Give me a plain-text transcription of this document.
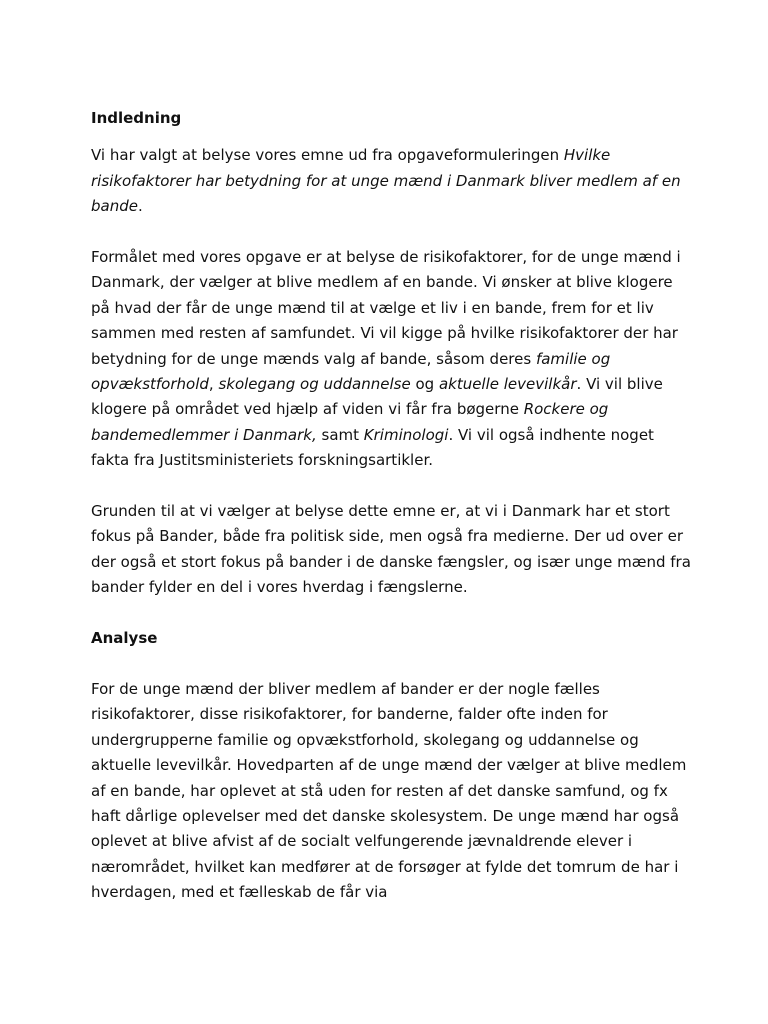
Indledning

Vi har valgt at belyse vores emne ud fra opgaveformuleringen Hvilke risikofaktorer har betydning for at unge mænd i Danmark bliver medlem af en bande.

Formålet med vores opgave er at belyse de risikofaktorer, for de unge mænd i Danmark, der vælger at blive medlem af en bande. Vi ønsker at blive klogere på hvad der får de unge mænd til at vælge et liv i en bande, frem for et liv sammen med resten af samfundet. Vi vil kigge på hvilke risikofaktorer der har betydning for de unge mænds valg af bande, såsom deres familie og opvækstforhold, skolegang og uddannelse og aktuelle levevilkår. Vi vil blive klogere på området ved hjælp af viden vi får fra bøgerne Rockere og bandemedlemmer i Danmark, samt Kriminologi. Vi vil også indhente noget fakta fra Justitsministeriets forskningsartikler.

Grunden til at vi vælger at belyse dette emne er, at vi i Danmark har et stort fokus på Bander, både fra politisk side, men også fra medierne. Der ud over er der også et stort fokus på bander i de danske fængsler, og især unge mænd fra bander fylder en del i vores hverdag i fængslerne.

Analyse

For de unge mænd der bliver medlem af bander er der nogle fælles risikofaktorer, disse risikofaktorer, for banderne, falder ofte inden for undergrupperne familie og opvækstforhold, skolegang og uddannelse og aktuelle levevilkår. Hovedparten af de unge mænd der vælger at blive medlem af en bande, har oplevet at stå uden for resten af det danske samfund, og fx haft dårlige oplevelser med det danske skolesystem. De unge mænd har også oplevet at blive afvist af de socialt velfungerende jævnaldrende elever i nærområdet, hvilket kan medfører at de forsøger at fylde det tomrum de har i hverdagen, med et fælleskab de får via
